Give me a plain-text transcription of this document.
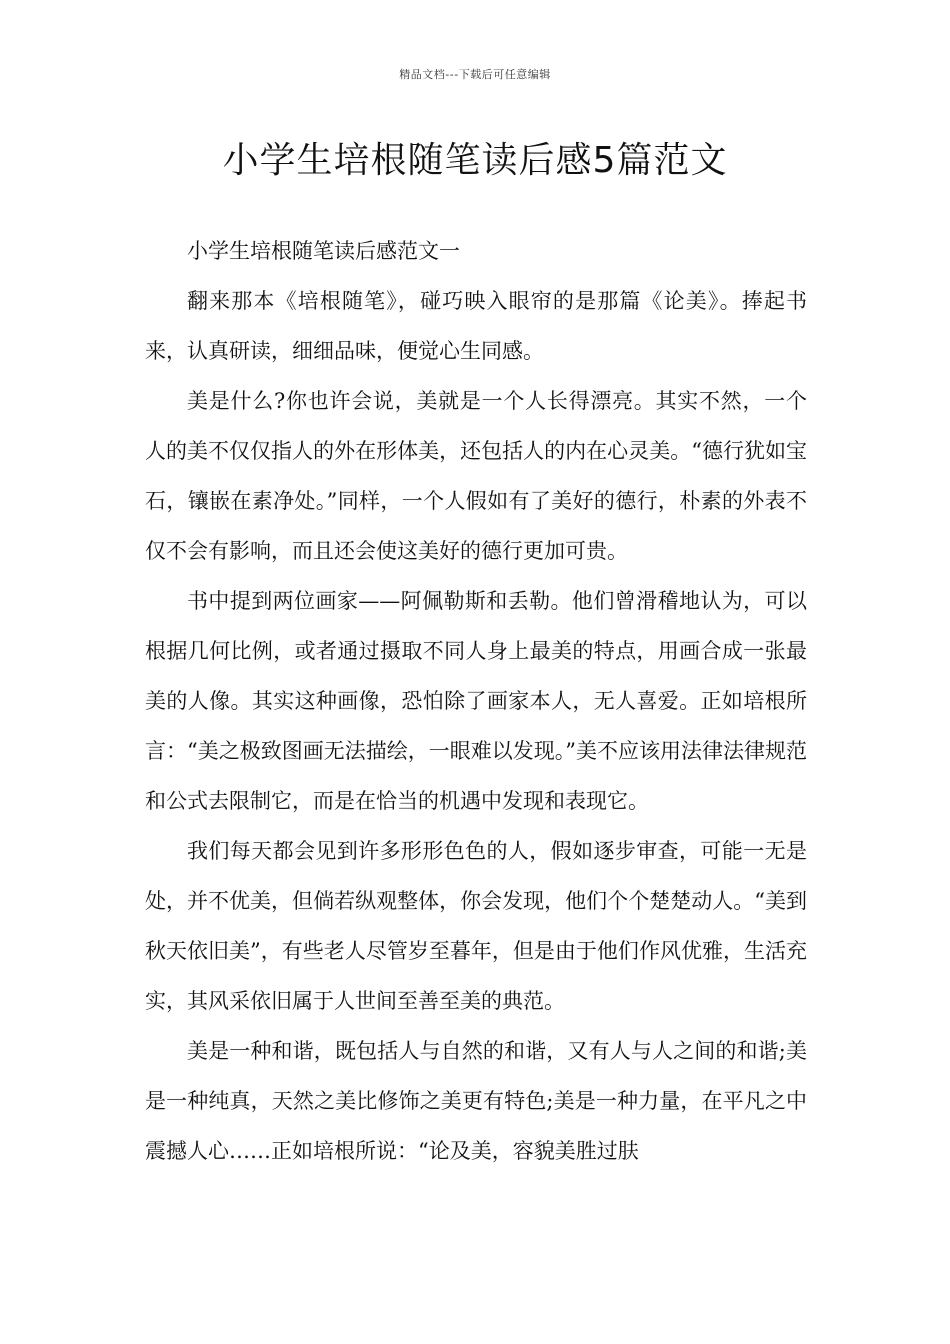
精品文档---下载后可任意编辑
小学生培根随笔读后感5篇范文

小学生培根随笔读后感范文一

翻来那本《培根随笔》，碰巧映入眼帘的是那篇《论美》。捧起书来，认真研读，细细品味，便觉心生同感。

美是什么?你也许会说，美就是一个人长得漂亮。其实不然，一个人的美不仅仅指人的外在形体美，还包括人的内在心灵美。“德行犹如宝石，镶嵌在素净处。”同样，一个人假如有了美好的德行，朴素的外表不仅不会有影响，而且还会使这美好的德行更加可贵。

书中提到两位画家——阿佩勒斯和丢勒。他们曾滑稽地认为，可以根据几何比例，或者通过摄取不同人身上最美的特点，用画合成一张最美的人像。其实这种画像，恐怕除了画家本人，无人喜爱。正如培根所言：“美之极致图画无法描绘，一眼难以发现。”美不应该用法律法律规范和公式去限制它，而是在恰当的机遇中发现和表现它。

我们每天都会见到许多形形色色的人，假如逐步审查，可能一无是处，并不优美，但倘若纵观整体，你会发现，他们个个楚楚动人。“美到秋天依旧美”，有些老人尽管岁至暮年，但是由于他们作风优雅，生活充实，其风采依旧属于人世间至善至美的典范。

美是一种和谐，既包括人与自然的和谐，又有人与人之间的和谐;美是一种纯真，天然之美比修饰之美更有特色;美是一种力量，在平凡之中震撼人心……正如培根所说：“论及美，容貌美胜过肤
